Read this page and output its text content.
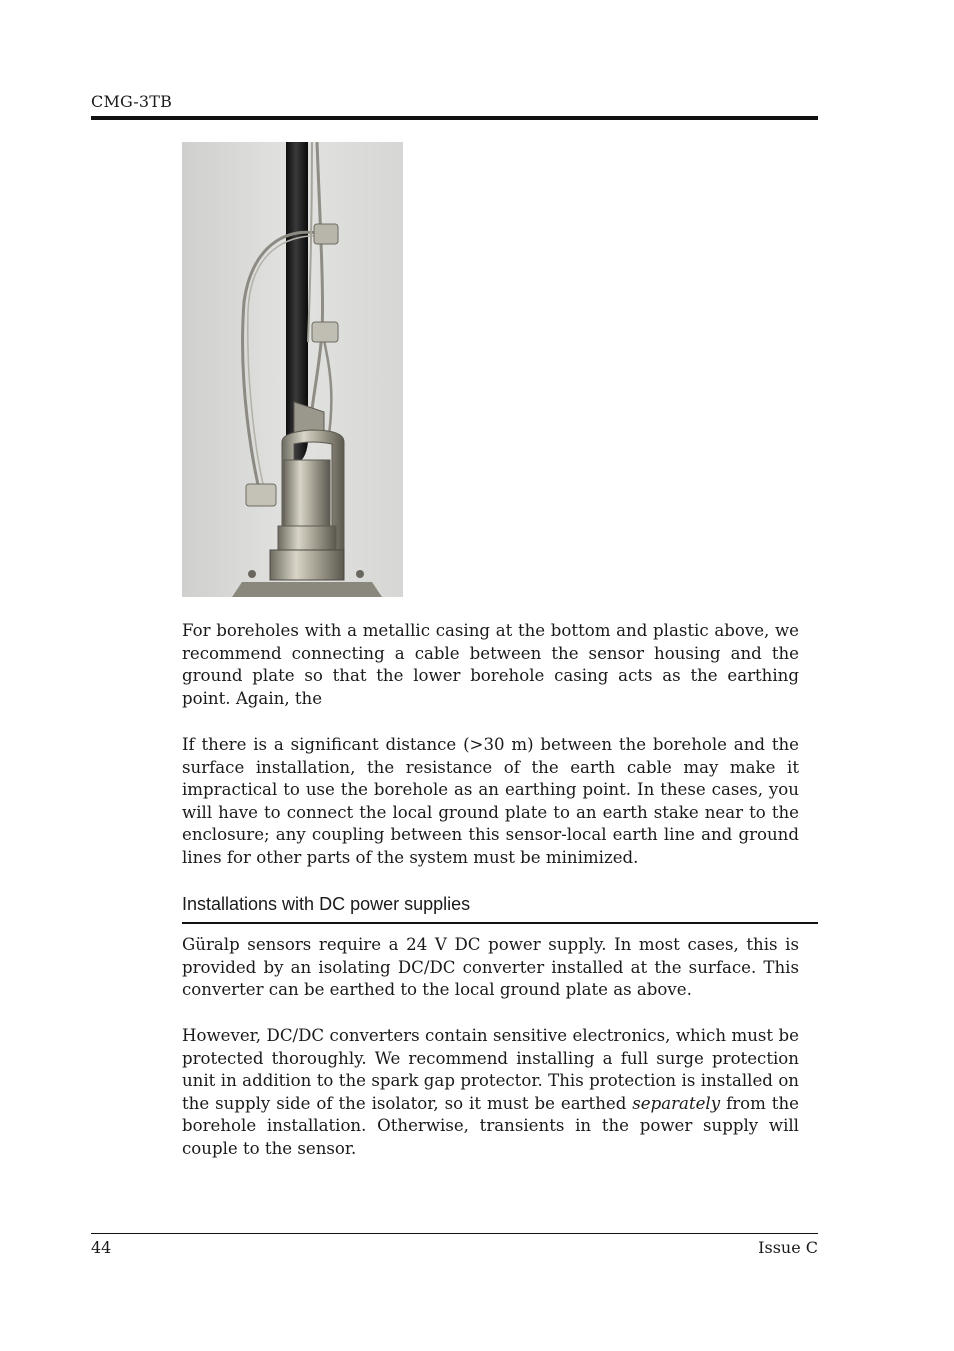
CMG-3TB
For boreholes with a metallic casing at the bottom and plastic above, we recommend connecting a cable between the sensor housing and the ground plate so that the lower borehole casing acts as the earthing point. Again, the
If there is a significant distance (>30 m) between the borehole and the surface installation, the resistance of the earth cable may make it impractical to use the borehole as an earthing point. In these cases, you will have to connect the local ground plate to an earth stake near to the enclosure; any coupling between this sensor-local earth line and ground lines for other parts of the system must be minimized.
Installations with DC power supplies
Güralp sensors require a 24 V DC power supply. In most cases, this is provided by an isolating DC/DC converter installed at the surface. This converter can be earthed to the local ground plate as above.
However, DC/DC converters contain sensitive electronics, which must be protected thoroughly. We recommend installing a full surge protection unit in addition to the spark gap protector. This protection is installed on the supply side of the isolator, so it must be earthed separately from the borehole installation. Otherwise, transients in the power supply will couple to the sensor.
44	Issue C
